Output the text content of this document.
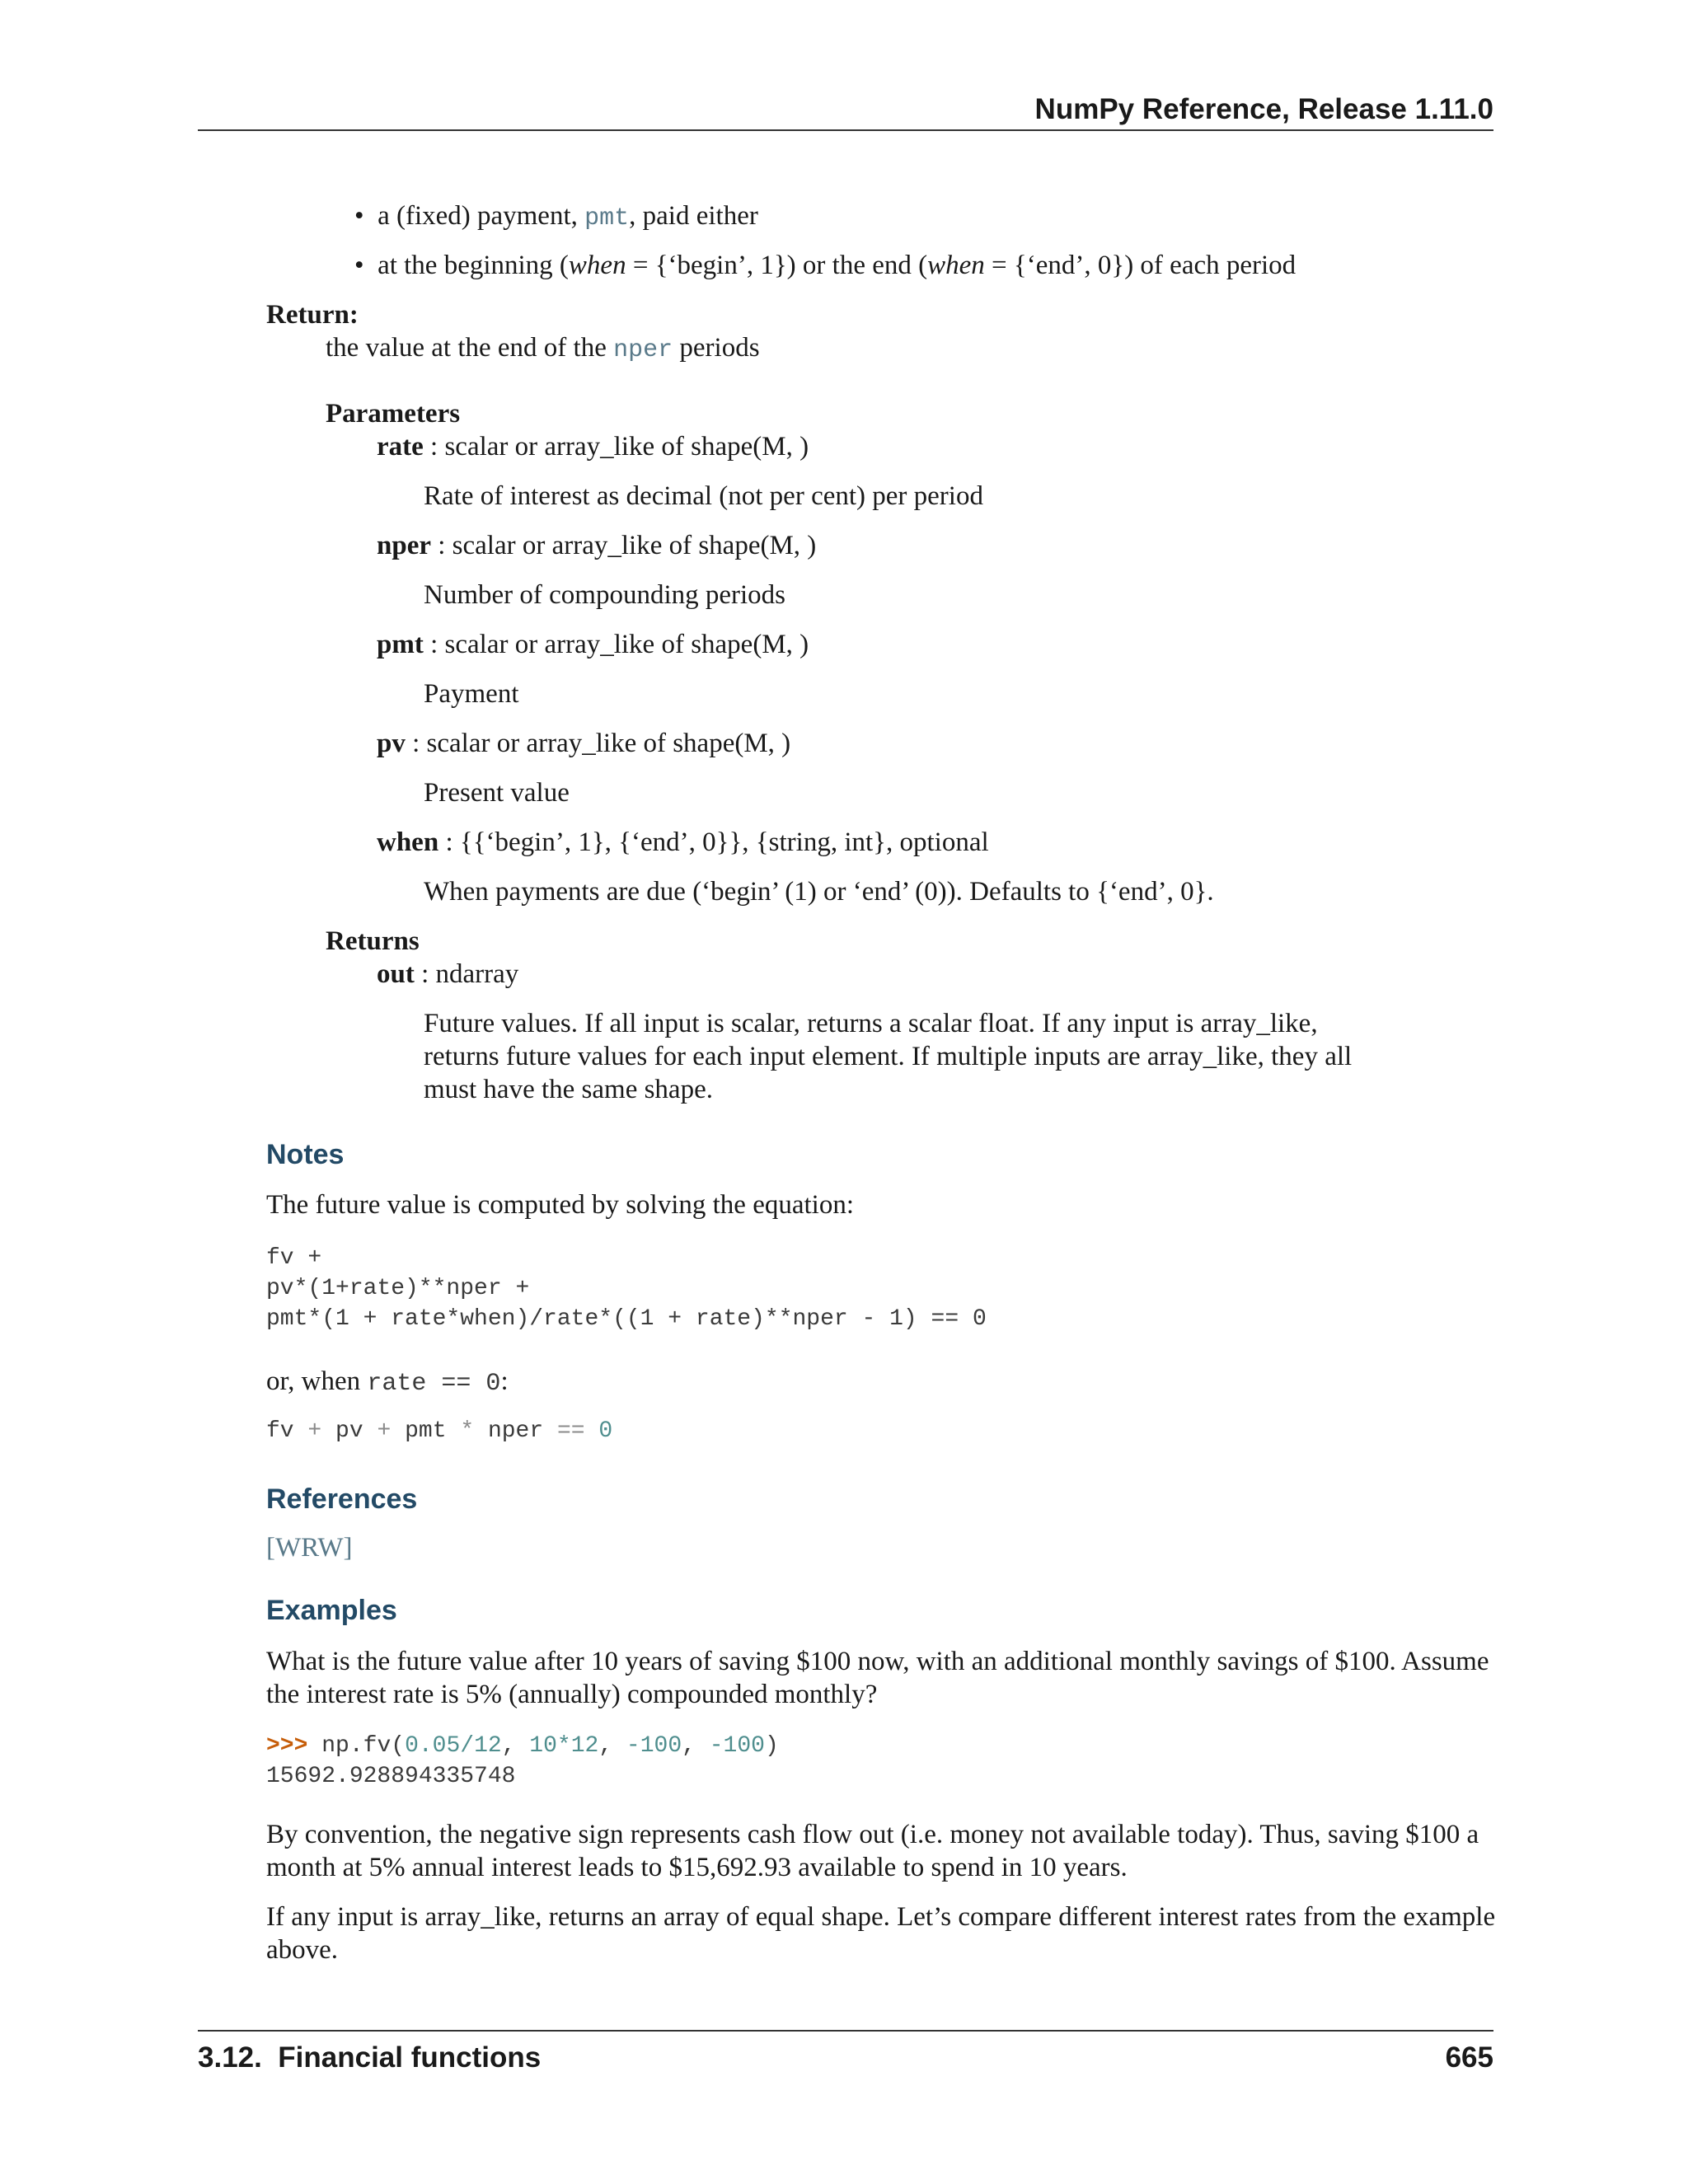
NumPy Reference, Release 1.11.0
• a (fixed) payment, pmt, paid either
• at the beginning (when = {‘begin’, 1}) or the end (when = {‘end’, 0}) of each period
Return:
the value at the end of the nper periods
Parameters
rate : scalar or array_like of shape(M, )
Rate of interest as decimal (not per cent) per period
nper : scalar or array_like of shape(M, )
Number of compounding periods
pmt : scalar or array_like of shape(M, )
Payment
pv : scalar or array_like of shape(M, )
Present value
when : {{‘begin’, 1}, {‘end’, 0}}, {string, int}, optional
When payments are due (‘begin’ (1) or ‘end’ (0)). Defaults to {‘end’, 0}.
Returns
out : ndarray
Future values. If all input is scalar, returns a scalar float. If any input is array_like,
returns future values for each input element. If multiple inputs are array_like, they all
must have the same shape.
Notes
The future value is computed by solving the equation:
fv +
pv*(1+rate)**nper +
pmt*(1 + rate*when)/rate*((1 + rate)**nper - 1) == 0
or, when rate == 0:
fv + pv + pmt * nper == 0
References
[WRW]
Examples
What is the future value after 10 years of saving $100 now, with an additional monthly savings of $100. Assume
the interest rate is 5% (annually) compounded monthly?
>>> np.fv(0.05/12, 10*12, -100, -100)
15692.928894335748
By convention, the negative sign represents cash flow out (i.e. money not available today). Thus, saving $100 a
month at 5% annual interest leads to $15,692.93 available to spend in 10 years.
If any input is array_like, returns an array of equal shape. Let’s compare different interest rates from the example
above.
3.12.  Financial functions	665
